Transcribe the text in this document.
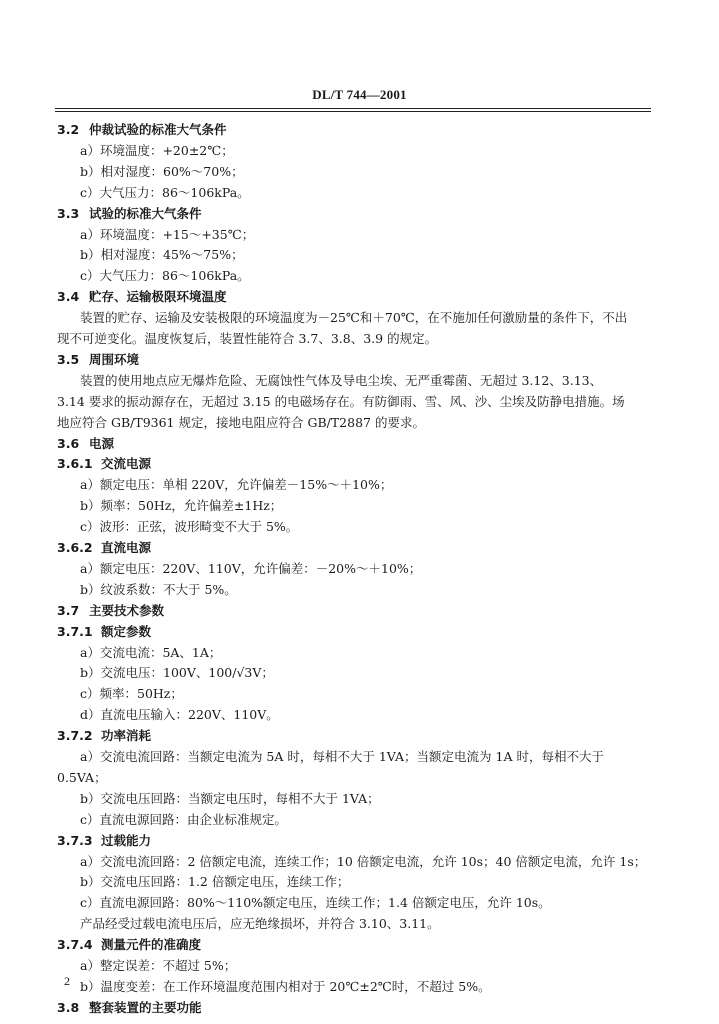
DL/T 744—2001
3.2 仲裁试验的标准大气条件
a）环境温度：+20±2℃；
b）相对湿度：60%～70%；
c）大气压力：86～106kPa。
3.3 试验的标准大气条件
a）环境温度：+15～+35℃；
b）相对湿度：45%～75%；
c）大气压力：86～106kPa。
3.4 贮存、运输极限环境温度
装置的贮存、运输及安装极限的环境温度为－25℃和＋70℃，在不施加任何激励量的条件下，不出
现不可逆变化。温度恢复后，装置性能符合 3.7、3.8、3.9 的规定。
3.5 周围环境
装置的使用地点应无爆炸危险、无腐蚀性气体及导电尘埃、无严重霉菌、无超过 3.12、3.13、
3.14 要求的振动源存在，无超过 3.15 的电磁场存在。有防御雨、雪、风、沙、尘埃及防静电措施。场
地应符合 GB/T9361 规定，接地电阻应符合 GB/T2887 的要求。
3.6 电源
3.6.1 交流电源
a）额定电压：单相 220V，允许偏差－15%～＋10%；
b）频率：50Hz，允许偏差±1Hz；
c）波形：正弦，波形畸变不大于 5%。
3.6.2 直流电源
a）额定电压：220V、110V，允许偏差：－20%～＋10%；
b）纹波系数：不大于 5%。
3.7 主要技术参数
3.7.1 额定参数
a）交流电流：5A、1A；
b）交流电压：100V、100/√3V；
c）频率：50Hz；
d）直流电压输入：220V、110V。
3.7.2 功率消耗
a）交流电流回路：当额定电流为 5A 时，每相不大于 1VA；当额定电流为 1A 时，每相不大于
0.5VA；
b）交流电压回路：当额定电压时，每相不大于 1VA；
c）直流电源回路：由企业标准规定。
3.7.3 过载能力
a）交流电流回路：2 倍额定电流，连续工作；10 倍额定电流，允许 10s；40 倍额定电流，允许 1s；
b）交流电压回路：1.2 倍额定电压，连续工作；
c）直流电源回路：80%～110%额定电压，连续工作；1.4 倍额定电压，允许 10s。
产品经受过载电流电压后，应无绝缘损坏，并符合 3.10、3.11。
3.7.4 测量元件的准确度
a）整定误差：不超过 5%；
b）温度变差：在工作环境温度范围内相对于 20℃±2℃时，不超过 5%。
3.8 整套装置的主要功能
2
